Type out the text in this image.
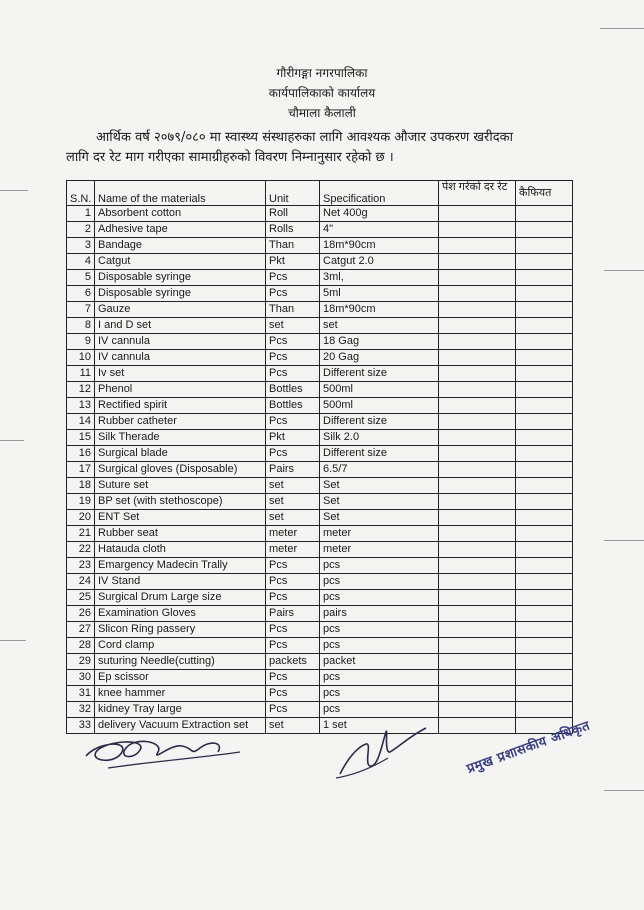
गौरीगङ्गा नगरपालिका
कार्यपालिकाको कार्यालय
चौमाला कैलाली
आर्थिक वर्ष २०७९/०८० मा स्वास्थ्य संस्थाहरुका लागि आवश्यक औजार उपकरण खरीदका
लागि दर रेट माग गरीएका सामाग्रीहरुको विवरण निम्नानुसार रहेको छ ।
S.N.	Name of the materials	Unit	Specification	पेश गरेको दर रेट	कैफियत
1	Absorbent cotton	Roll	Net 400g		
2	Adhesive tape	Rolls	4"		
3	Bandage	Than	18m*90cm		
4	Catgut	Pkt	Catgut 2.0		
5	Disposable syringe	Pcs	3ml,		
6	Disposable syringe	Pcs	5ml		
7	Gauze	Than	18m*90cm		
8	I and D set	set	set		
9	IV cannula	Pcs	18 Gag		
10	IV cannula	Pcs	20 Gag		
11	Iv set	Pcs	Different size		
12	Phenol	Bottles	500ml		
13	Rectified spirit	Bottles	500ml		
14	Rubber catheter	Pcs	Different size		
15	Silk Therade	Pkt	Silk 2.0		
16	Surgical blade	Pcs	Different size		
17	Surgical gloves (Disposable)	Pairs	6.5/7		
18	Suture set	set	Set		
19	BP set (with stethoscope)	set	Set		
20	ENT Set	set	Set		
21	Rubber seat	meter	meter		
22	Hatauda cloth	meter	meter		
23	Emargency Madecin Trally	Pcs	pcs		
24	IV Stand	Pcs	pcs		
25	Surgical Drum Large size	Pcs	pcs		
26	Examination Gloves	Pairs	pairs		
27	Slicon Ring passery	Pcs	pcs		
28	Cord clamp	Pcs	pcs		
29	suturing Needle(cutting)	packets	packet		
30	Ep scissor	Pcs	pcs		
31	knee hammer	Pcs	pcs		
32	kidney Tray large	Pcs	pcs		
33	delivery Vacuum Extraction set	set	1 set			प्रमुख प्रशासकीय अधिकृत
